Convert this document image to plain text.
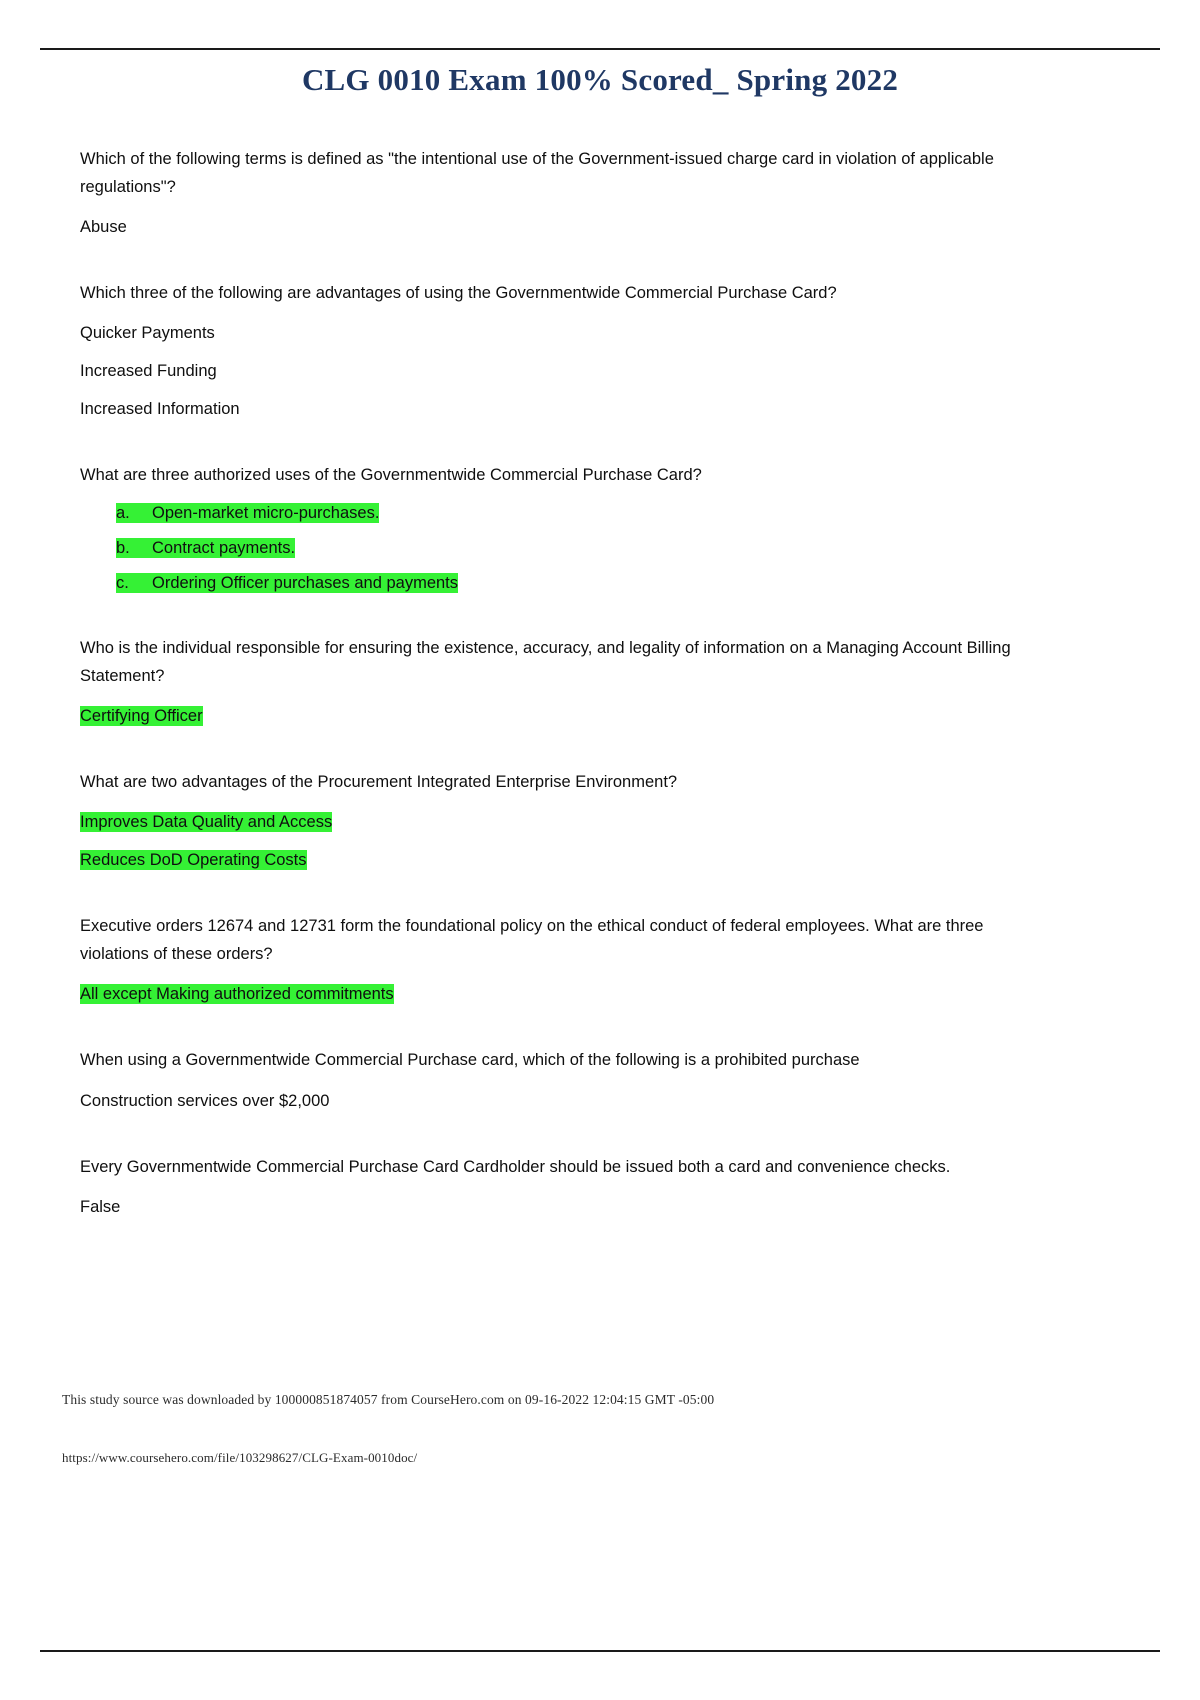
CLG 0010 Exam 100% Scored_ Spring 2022

Which of the following terms is defined as "the intentional use of the Government-issued charge card in violation of applicable regulations"?

Abuse

Which three of the following are advantages of using the Governmentwide Commercial Purchase Card?

Quicker Payments

Increased Funding

Increased Information

What are three authorized uses of the Governmentwide Commercial Purchase Card?

a. Open-market micro-purchases.
b. Contract payments.
c. Ordering Officer purchases and payments

Who is the individual responsible for ensuring the existence, accuracy, and legality of information on a Managing Account Billing Statement?

Certifying Officer

What are two advantages of the Procurement Integrated Enterprise Environment?

Improves Data Quality and Access

Reduces DoD Operating Costs

Executive orders 12674 and 12731 form the foundational policy on the ethical conduct of federal employees. What are three violations of these orders?

All except Making authorized commitments

When using a Governmentwide Commercial Purchase card, which of the following is a prohibited purchase

Construction services over $2,000

Every Governmentwide Commercial Purchase Card Cardholder should be issued both a card and convenience checks.

False

This study source was downloaded by 100000851874057 from CourseHero.com on 09-16-2022 12:04:15 GMT -05:00
https://www.coursehero.com/file/103298627/CLG-Exam-0010doc/
